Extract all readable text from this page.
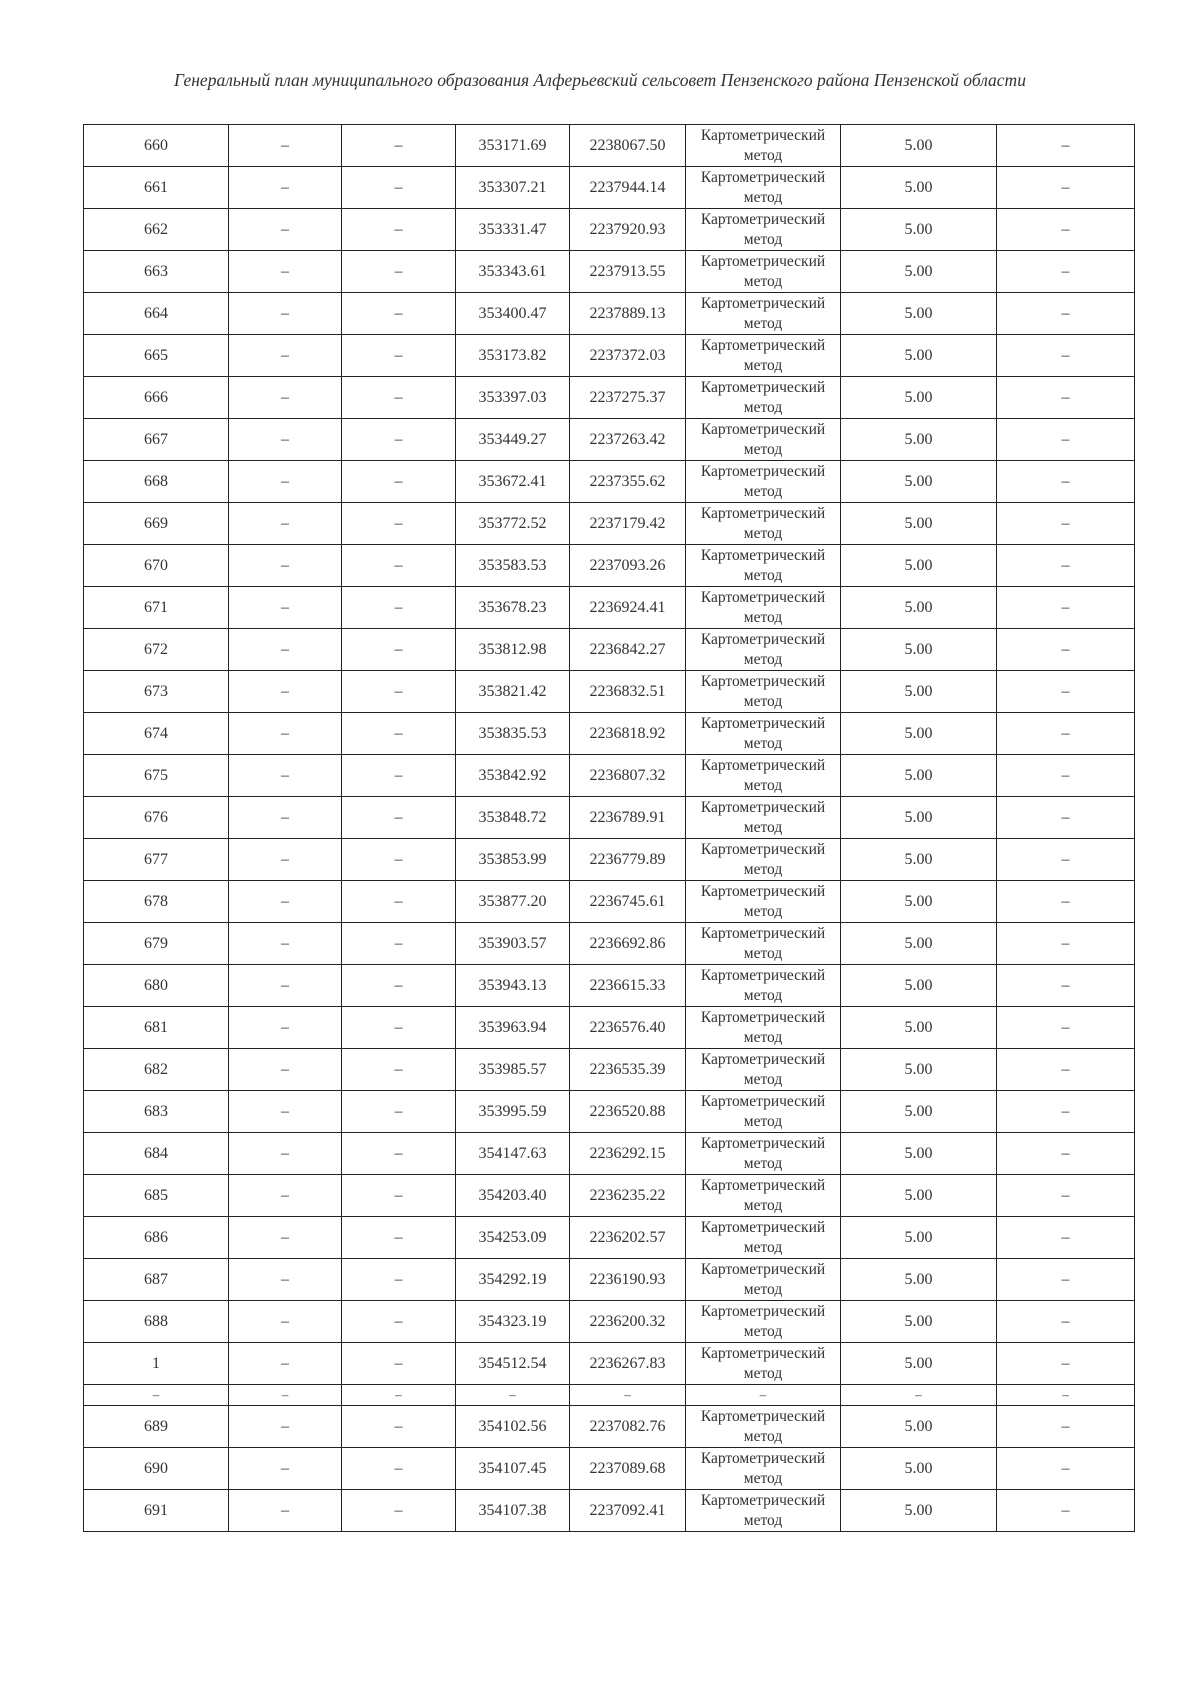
Генеральный план муниципального образования Алферьевский сельсовет Пензенского района Пензенской области
660	–	–	353171.69	2238067.50	Картометрический метод	5.00	–
661	–	–	353307.21	2237944.14	Картометрический метод	5.00	–
662	–	–	353331.47	2237920.93	Картометрический метод	5.00	–
663	–	–	353343.61	2237913.55	Картометрический метод	5.00	–
664	–	–	353400.47	2237889.13	Картометрический метод	5.00	–
665	–	–	353173.82	2237372.03	Картометрический метод	5.00	–
666	–	–	353397.03	2237275.37	Картометрический метод	5.00	–
667	–	–	353449.27	2237263.42	Картометрический метод	5.00	–
668	–	–	353672.41	2237355.62	Картометрический метод	5.00	–
669	–	–	353772.52	2237179.42	Картометрический метод	5.00	–
670	–	–	353583.53	2237093.26	Картометрический метод	5.00	–
671	–	–	353678.23	2236924.41	Картометрический метод	5.00	–
672	–	–	353812.98	2236842.27	Картометрический метод	5.00	–
673	–	–	353821.42	2236832.51	Картометрический метод	5.00	–
674	–	–	353835.53	2236818.92	Картометрический метод	5.00	–
675	–	–	353842.92	2236807.32	Картометрический метод	5.00	–
676	–	–	353848.72	2236789.91	Картометрический метод	5.00	–
677	–	–	353853.99	2236779.89	Картометрический метод	5.00	–
678	–	–	353877.20	2236745.61	Картометрический метод	5.00	–
679	–	–	353903.57	2236692.86	Картометрический метод	5.00	–
680	–	–	353943.13	2236615.33	Картометрический метод	5.00	–
681	–	–	353963.94	2236576.40	Картометрический метод	5.00	–
682	–	–	353985.57	2236535.39	Картометрический метод	5.00	–
683	–	–	353995.59	2236520.88	Картометрический метод	5.00	–
684	–	–	354147.63	2236292.15	Картометрический метод	5.00	–
685	–	–	354203.40	2236235.22	Картометрический метод	5.00	–
686	–	–	354253.09	2236202.57	Картометрический метод	5.00	–
687	–	–	354292.19	2236190.93	Картометрический метод	5.00	–
688	–	–	354323.19	2236200.32	Картометрический метод	5.00	–
1	–	–	354512.54	2236267.83	Картометрический метод	5.00	–
–	–	–	–	–	–	–	–
689	–	–	354102.56	2237082.76	Картометрический метод	5.00	–
690	–	–	354107.45	2237089.68	Картометрический метод	5.00	–
691	–	–	354107.38	2237092.41	Картометрический метод	5.00	–
